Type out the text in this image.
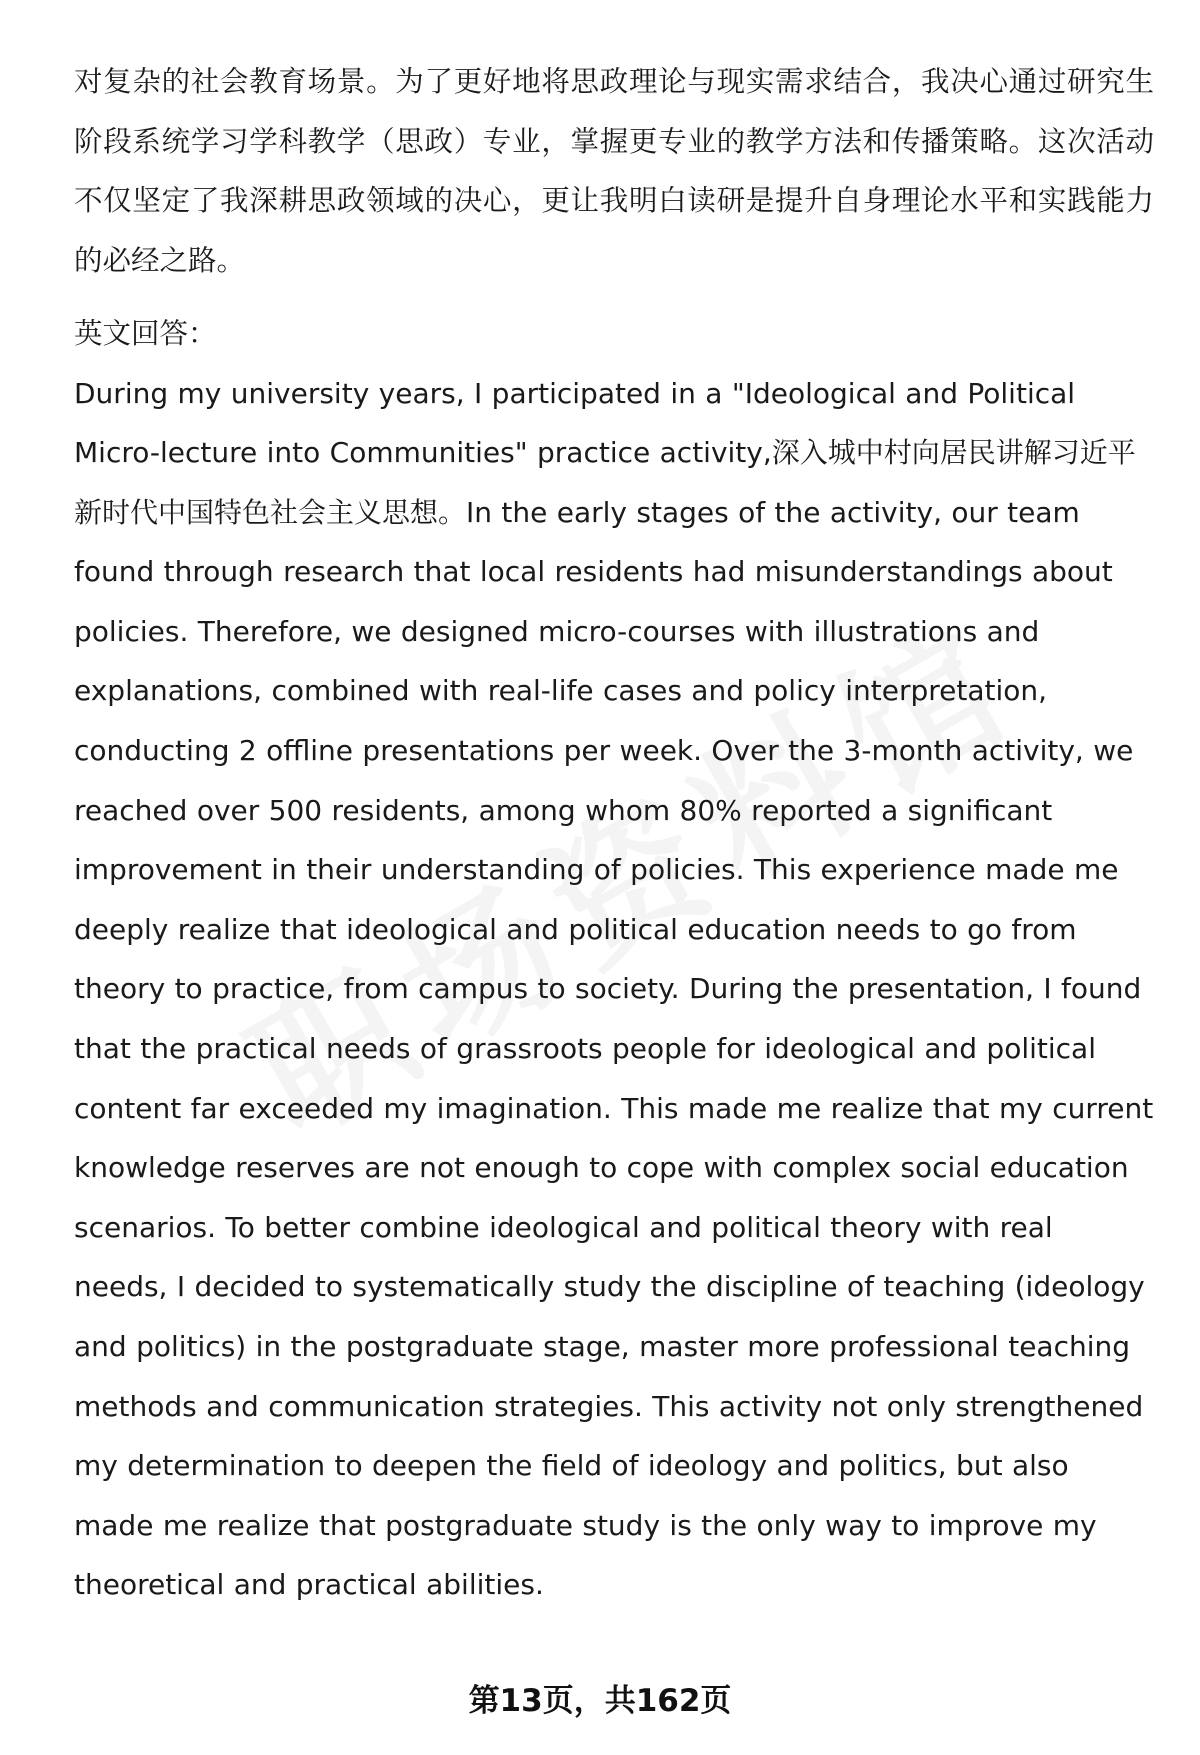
对复杂的社会教育场景。为了更好地将思政理论与现实需求结合，我决心通过研究生阶段系统学习学科教学（思政）专业，掌握更专业的教学方法和传播策略。这次活动不仅坚定了我深耕思政领域的决心，更让我明白读研是提升自身理论水平和实践能力的必经之路。

英文回答：

During my university years, I participated in a "Ideological and Political Micro-lecture into Communities" practice activity,深入城中村向居民讲解习近平新时代中国特色社会主义思想。In the early stages of the activity, our team found through research that local residents had misunderstandings about policies. Therefore, we designed micro-courses with illustrations and explanations, combined with real-life cases and policy interpretation, conducting 2 offline presentations per week. Over the 3-month activity, we reached over 500 residents, among whom 80% reported a significant improvement in their understanding of policies. This experience made me deeply realize that ideological and political education needs to go from theory to practice, from campus to society. During the presentation, I found that the practical needs of grassroots people for ideological and political content far exceeded my imagination. This made me realize that my current knowledge reserves are not enough to cope with complex social education scenarios. To better combine ideological and political theory with real needs, I decided to systematically study the discipline of teaching (ideology and politics) in the postgraduate stage, master more professional teaching methods and communication strategies. This activity not only strengthened my determination to deepen the field of ideology and politics, but also made me realize that postgraduate study is the only way to improve my theoretical and practical abilities.

第13页，共162页
